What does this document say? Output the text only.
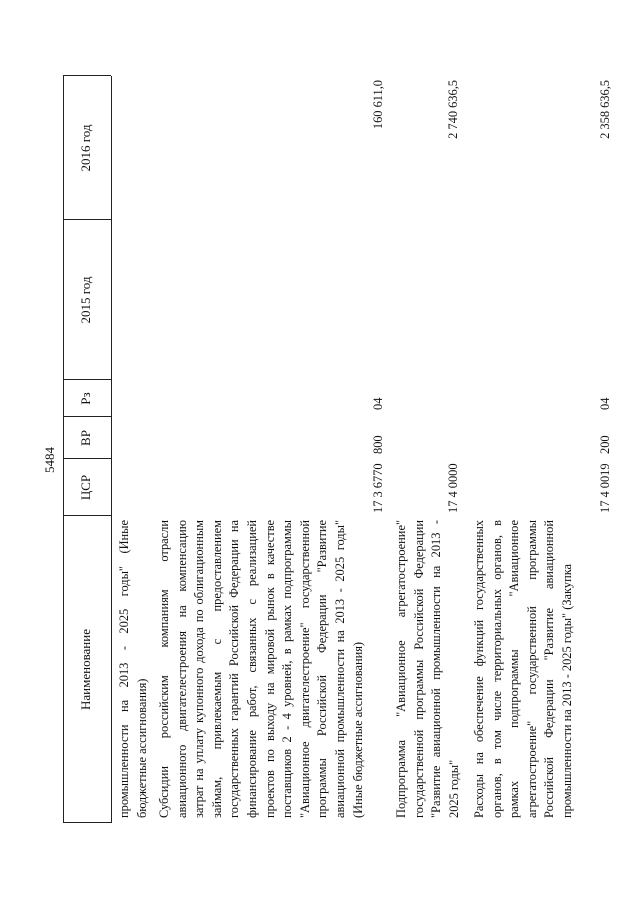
5484
Наименование
ЦСР
ВР
Рз
2015 год
2016 год
промышленности на 2013 - 2025 годы" (Иные бюджетные ассигнования) Субсидии российским компаниям отрасли авиационного двигателестроения на компенсацию затрат на уплату купонного дохода по облигационным займам, привлекаемым с предоставлением государственных гарантий Российской Федерации на финансирование работ, связанных с реализацией проектов по выходу на мировой рынок в качестве поставщиков 2 - 4 уровней, в рамках подпрограммы "Авиационное двигателестроение" государственной программы Российской Федерации "Развитие авиационной промышленности на 2013 - 2025 годы" (Иные бюджетные ассигнования)
17 3 6770
800
04
160 611,0
Подпрограмма "Авиационное агрегатостроение" государственной программы Российской Федерации "Развитие авиационной промышленности на 2013 - 2025 годы"
17 4 0000
2 740 636,5
Расходы на обеспечение функций государственных органов, в том числе территориальных органов, в рамках подпрограммы "Авиационное агрегатостроение" государственной программы Российской Федерации "Развитие авиационной промышленности на 2013 - 2025 годы" (Закупка
17 4 0019
200
04
2 358 636,5
